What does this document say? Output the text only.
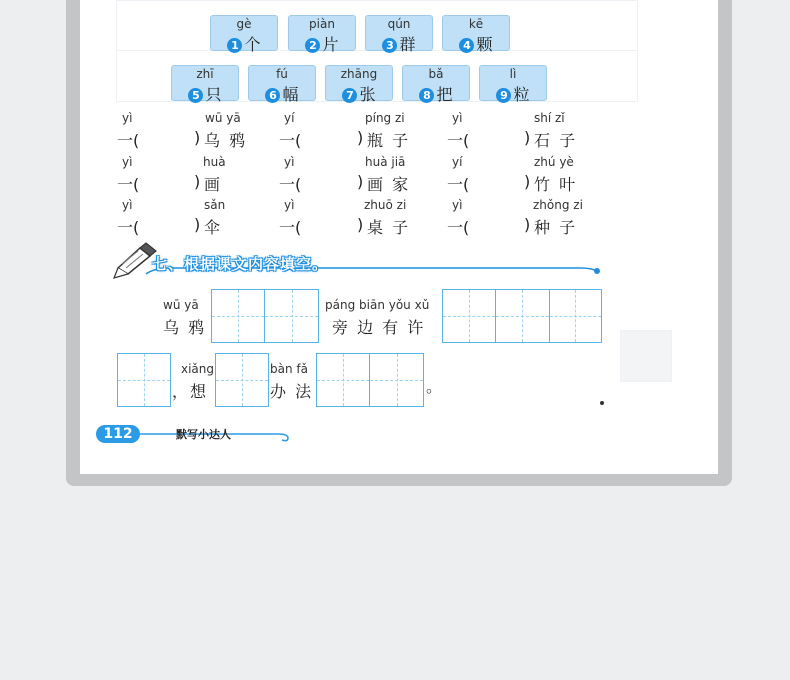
gè
1 个
piàn
2 片
qún
3 群
kē
4 颗
zhī
5 只
fú
6 幅
zhāng
7 张
bǎ
8 把
lì
9 粒
yì
一(
wū yā
) 乌 鸦
yí
一(
píng zi
) 瓶 子
yì
一(
shí zǐ
) 石 子
yì
一(
huà
) 画
yì
一(
huà jiā
) 画 家
yí
一(
zhú yè
) 竹 叶
yì
一(
sǎn
) 伞
yì
一(
zhuō zi
) 桌 子
yì
一(
zhǒng zi
) 种 子
七、根据课文内容填空。
wū yā
乌 鸦
páng biān yǒu xǔ
旁 边 有 许
xiǎng
，想
bàn fǎ
办 法	。
112	默写小达人
